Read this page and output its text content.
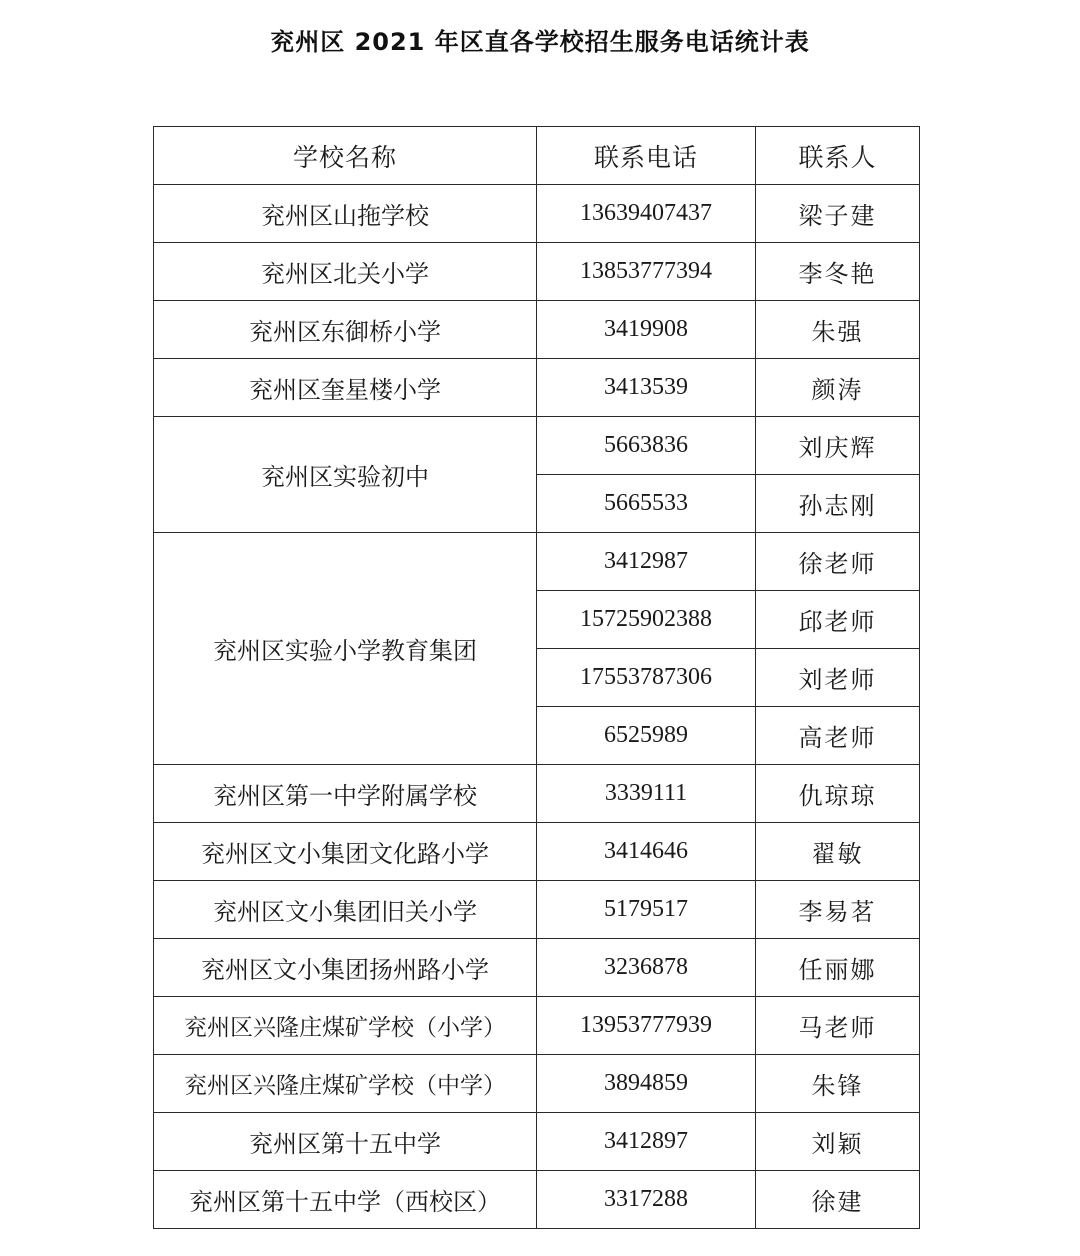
兖州区 2021 年区直各学校招生服务电话统计表
学校名称	联系电话	联系人
兖州区山拖学校	13639407437	梁子建
兖州区北关小学	13853777394	李冬艳
兖州区东御桥小学	3419908	朱强
兖州区奎星楼小学	3413539	颜涛
兖州区实验初中	5663836	刘庆辉
	5665533	孙志刚
兖州区实验小学教育集团	3412987	徐老师
	15725902388	邱老师
	17553787306	刘老师
	6525989	高老师
兖州区第一中学附属学校	3339111	仇琼琼
兖州区文小集团文化路小学	3414646	翟敏
兖州区文小集团旧关小学	5179517	李易茗
兖州区文小集团扬州路小学	3236878	任丽娜
兖州区兴隆庄煤矿学校（小学）	13953777939	马老师
兖州区兴隆庄煤矿学校（中学）	3894859	朱锋
兖州区第十五中学	3412897	刘颖
兖州区第十五中学（西校区）	3317288	徐建
